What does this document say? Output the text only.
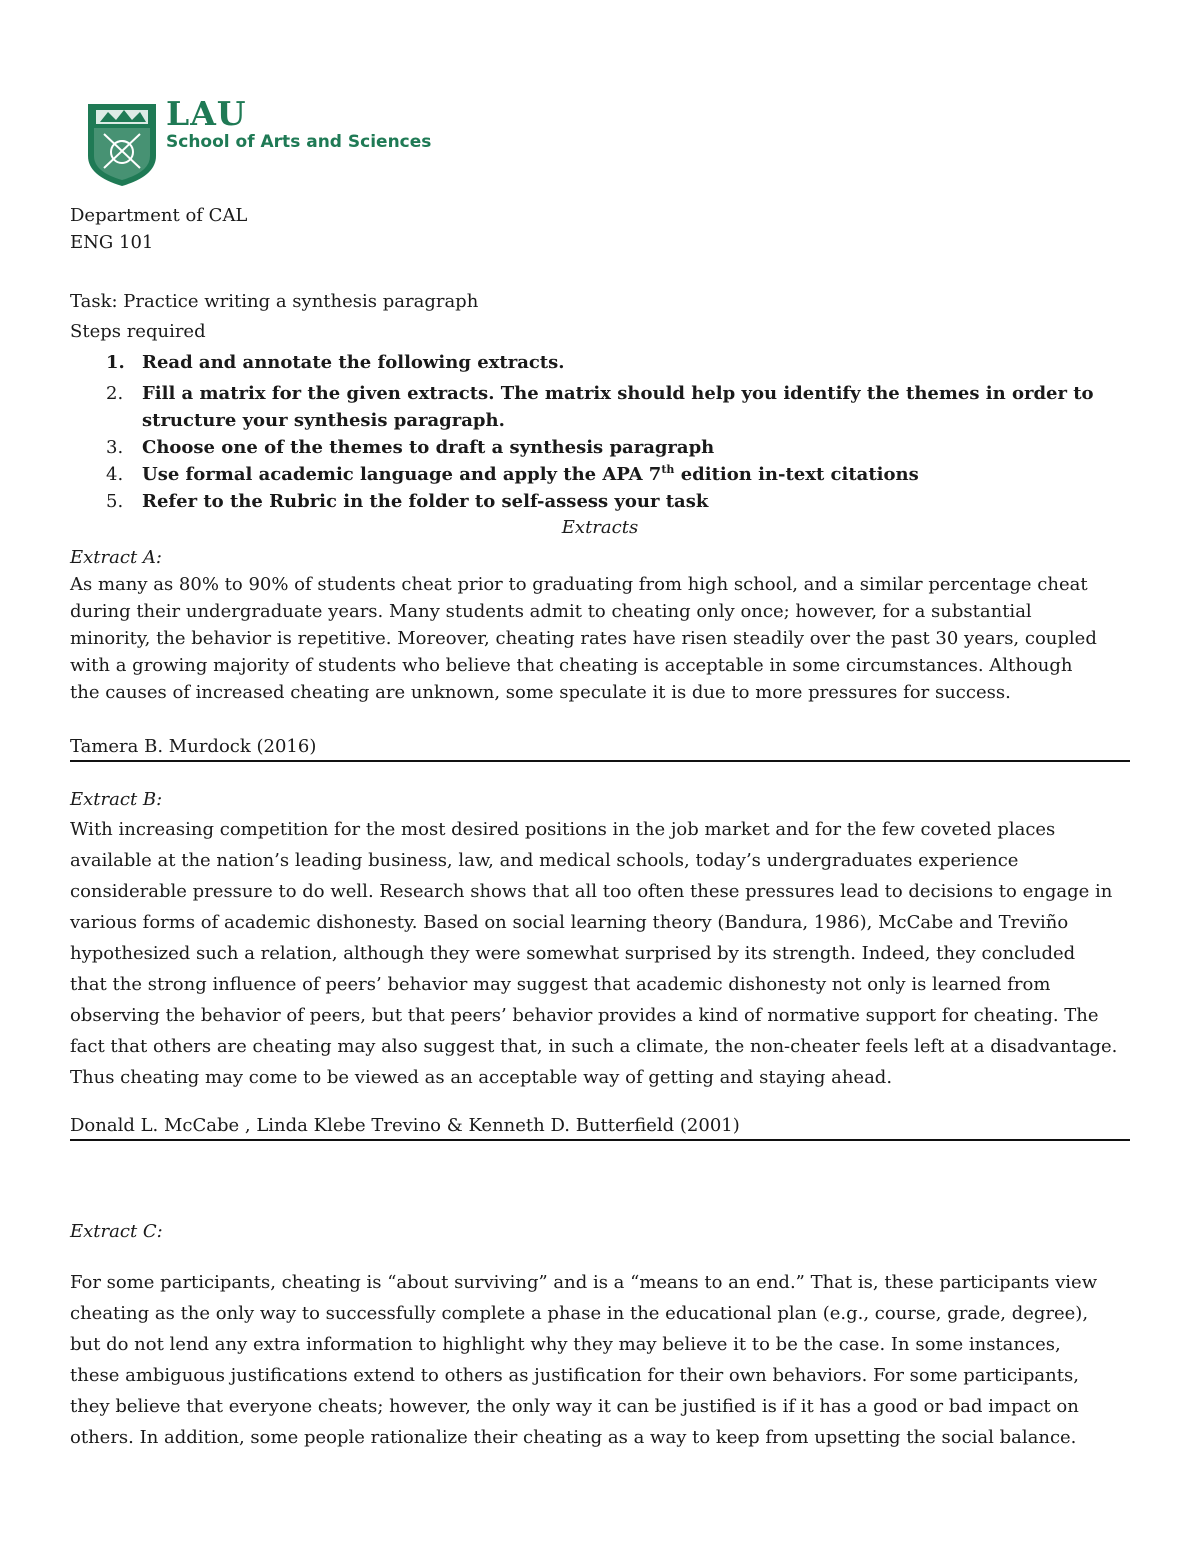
LAU
School of Arts and Sciences
Department of CAL
ENG 101
Task: Practice writing a synthesis paragraph
Steps required
1. Read and annotate the following extracts.
2. Fill a matrix for the given extracts. The matrix should help you identify the themes in order to
structure your synthesis paragraph.
3. Choose one of the themes to draft a synthesis paragraph
4. Use formal academic language and apply the APA 7th edition in-text citations
5. Refer to the Rubric in the folder to self-assess your task
Extracts
Extract A:
As many as 80% to 90% of students cheat prior to graduating from high school, and a similar percentage cheat
during their undergraduate years. Many students admit to cheating only once; however, for a substantial
minority, the behavior is repetitive. Moreover, cheating rates have risen steadily over the past 30 years, coupled
with a growing majority of students who believe that cheating is acceptable in some circumstances. Although
the causes of increased cheating are unknown, some speculate it is due to more pressures for success.
Tamera B. Murdock (2016)
Extract B:
With increasing competition for the most desired positions in the job market and for the few coveted places
available at the nation’s leading business, law, and medical schools, today’s undergraduates experience
considerable pressure to do well. Research shows that all too often these pressures lead to decisions to engage in
various forms of academic dishonesty. Based on social learning theory (Bandura, 1986), McCabe and Treviño
hypothesized such a relation, although they were somewhat surprised by its strength. Indeed, they concluded
that the strong influence of peers’ behavior may suggest that academic dishonesty not only is learned from
observing the behavior of peers, but that peers’ behavior provides a kind of normative support for cheating. The
fact that others are cheating may also suggest that, in such a climate, the non-cheater feels left at a disadvantage.
Thus cheating may come to be viewed as an acceptable way of getting and staying ahead.
Donald L. McCabe , Linda Klebe Trevino & Kenneth D. Butterfield (2001)
Extract C:
For some participants, cheating is “about surviving” and is a “means to an end.” That is, these participants view
cheating as the only way to successfully complete a phase in the educational plan (e.g., course, grade, degree),
but do not lend any extra information to highlight why they may believe it to be the case. In some instances,
these ambiguous justifications extend to others as justification for their own behaviors. For some participants,
they believe that everyone cheats; however, the only way it can be justified is if it has a good or bad impact on
others. In addition, some people rationalize their cheating as a way to keep from upsetting the social balance.
